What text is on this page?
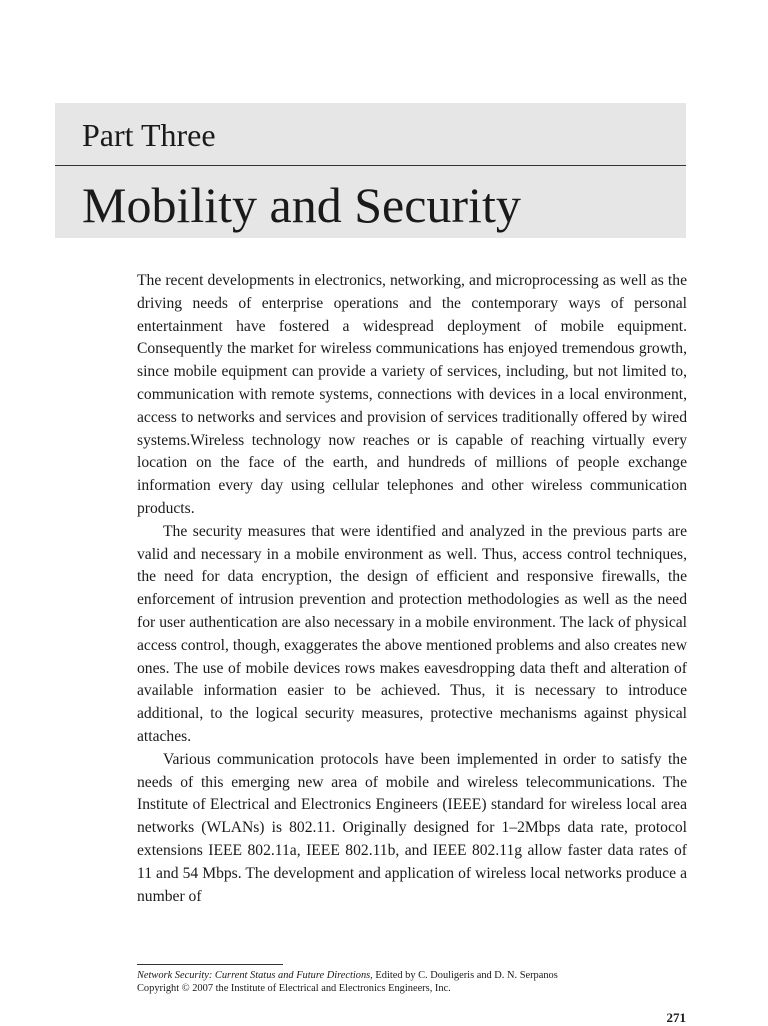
Part Three
Mobility and Security

The recent developments in electronics, networking, and microprocessing as well as the driving needs of enterprise operations and the contemporary ways of personal entertainment have fostered a widespread deployment of mobile equipment. Consequently the market for wireless communications has enjoyed tremendous growth, since mobile equipment can provide a variety of services, including, but not limited to, communication with remote systems, connections with devices in a local environment, access to networks and services and provision of services traditionally offered by wired systems.Wireless technology now reaches or is capable of reaching virtually every location on the face of the earth, and hundreds of millions of people exchange information every day using cellular telephones and other wireless communication products.

The security measures that were identified and analyzed in the previous parts are valid and necessary in a mobile environment as well. Thus, access control techniques, the need for data encryption, the design of efficient and responsive firewalls, the enforcement of intrusion prevention and protection methodologies as well as the need for user authentication are also necessary in a mobile environment. The lack of physical access control, though, exaggerates the above mentioned problems and also creates new ones. The use of mobile devices rows makes eavesdropping data theft and alteration of available information easier to be achieved. Thus, it is necessary to introduce additional, to the logical security measures, protective mechanisms against physical attaches.

Various communication protocols have been implemented in order to satisfy the needs of this emerging new area of mobile and wireless telecommunications. The Institute of Electrical and Electronics Engineers (IEEE) standard for wireless local area networks (WLANs) is 802.11. Originally designed for 1–2Mbps data rate, protocol extensions IEEE 802.11a, IEEE 802.11b, and IEEE 802.11g allow faster data rates of 11 and 54 Mbps. The development and application of wireless local networks produce a number of

Network Security: Current Status and Future Directions, Edited by C. Douligeris and D. N. Serpanos
Copyright © 2007 the Institute of Electrical and Electronics Engineers, Inc.
271
